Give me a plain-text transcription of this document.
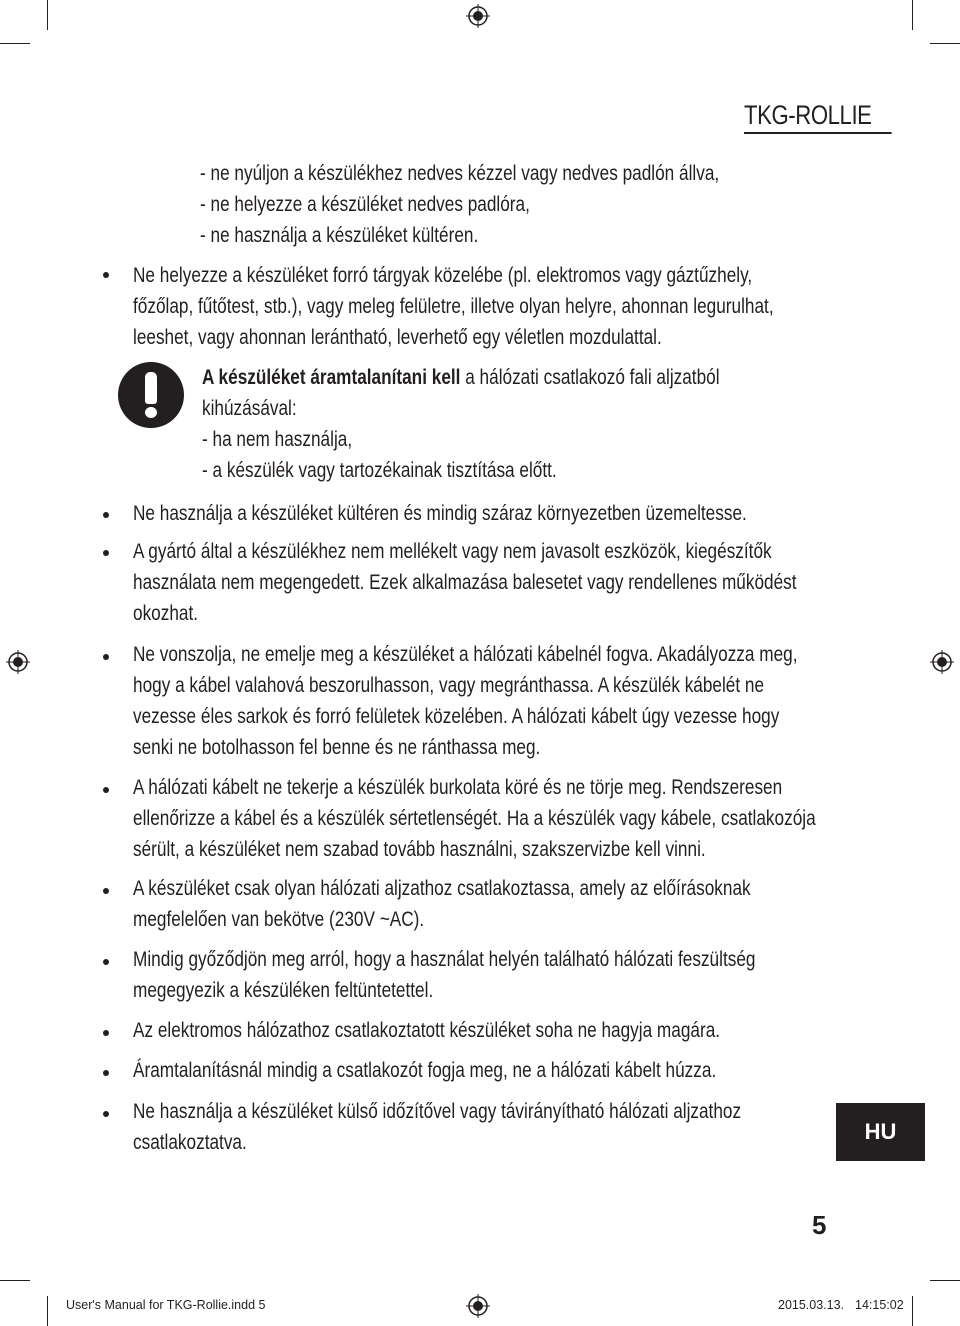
TKG-ROLLIE
- ne nyúljon a készülékhez nedves kézzel vagy nedves padlón állva,
- ne helyezze a készüléket nedves padlóra,
- ne használja a készüléket kültéren.
Ne helyezze a készüléket forró tárgyak közelébe (pl. elektromos vagy gáztűzhely,
főzőlap, fűtőtest, stb.), vagy meleg felületre, illetve olyan helyre, ahonnan legurulhat,
leeshet, vagy ahonnan lerántható, leverhető egy véletlen mozdulattal.
A készüléket áramtalanítani kell a hálózati csatlakozó fali aljzatból
kihúzásával:
- ha nem használja,
- a készülék vagy tartozékainak tisztítása előtt.
Ne használja a készüléket kültéren és mindig száraz környezetben üzemeltesse.
A gyártó által a készülékhez nem mellékelt vagy nem javasolt eszközök, kiegészítők
használata nem megengedett. Ezek alkalmazása balesetet vagy rendellenes működést
okozhat.
Ne vonszolja, ne emelje meg a készüléket a hálózati kábelnél fogva. Akadályozza meg,
hogy a kábel valahová beszorulhasson, vagy megránthassa. A készülék kábelét ne
vezesse éles sarkok és forró felületek közelében. A hálózati kábelt úgy vezesse hogy
senki ne botolhasson fel benne és ne ránthassa meg.
A hálózati kábelt ne tekerje a készülék burkolata köré és ne törje meg. Rendszeresen
ellenőrizze a kábel és a készülék sértetlenségét. Ha a készülék vagy kábele, csatlakozója
sérült, a készüléket nem szabad tovább használni, szakszervizbe kell vinni.
A készüléket csak olyan hálózati aljzathoz csatlakoztassa, amely az előírásoknak
megfelelően van bekötve (230V ~AC).
Mindig győződjön meg arról, hogy a használat helyén található hálózati feszültség
megegyezik a készüléken feltüntetettel.
Az elektromos hálózathoz csatlakoztatott készüléket soha ne hagyja magára.
Áramtalanításnál mindig a csatlakozót fogja meg, ne a hálózati kábelt húzza.
Ne használja a készüléket külső időzítővel vagy távirányítható hálózati aljzathoz
csatlakoztatva.	HU
5
User's Manual for TKG-Rollie.indd 5	2015.03.13. 14:15:02
